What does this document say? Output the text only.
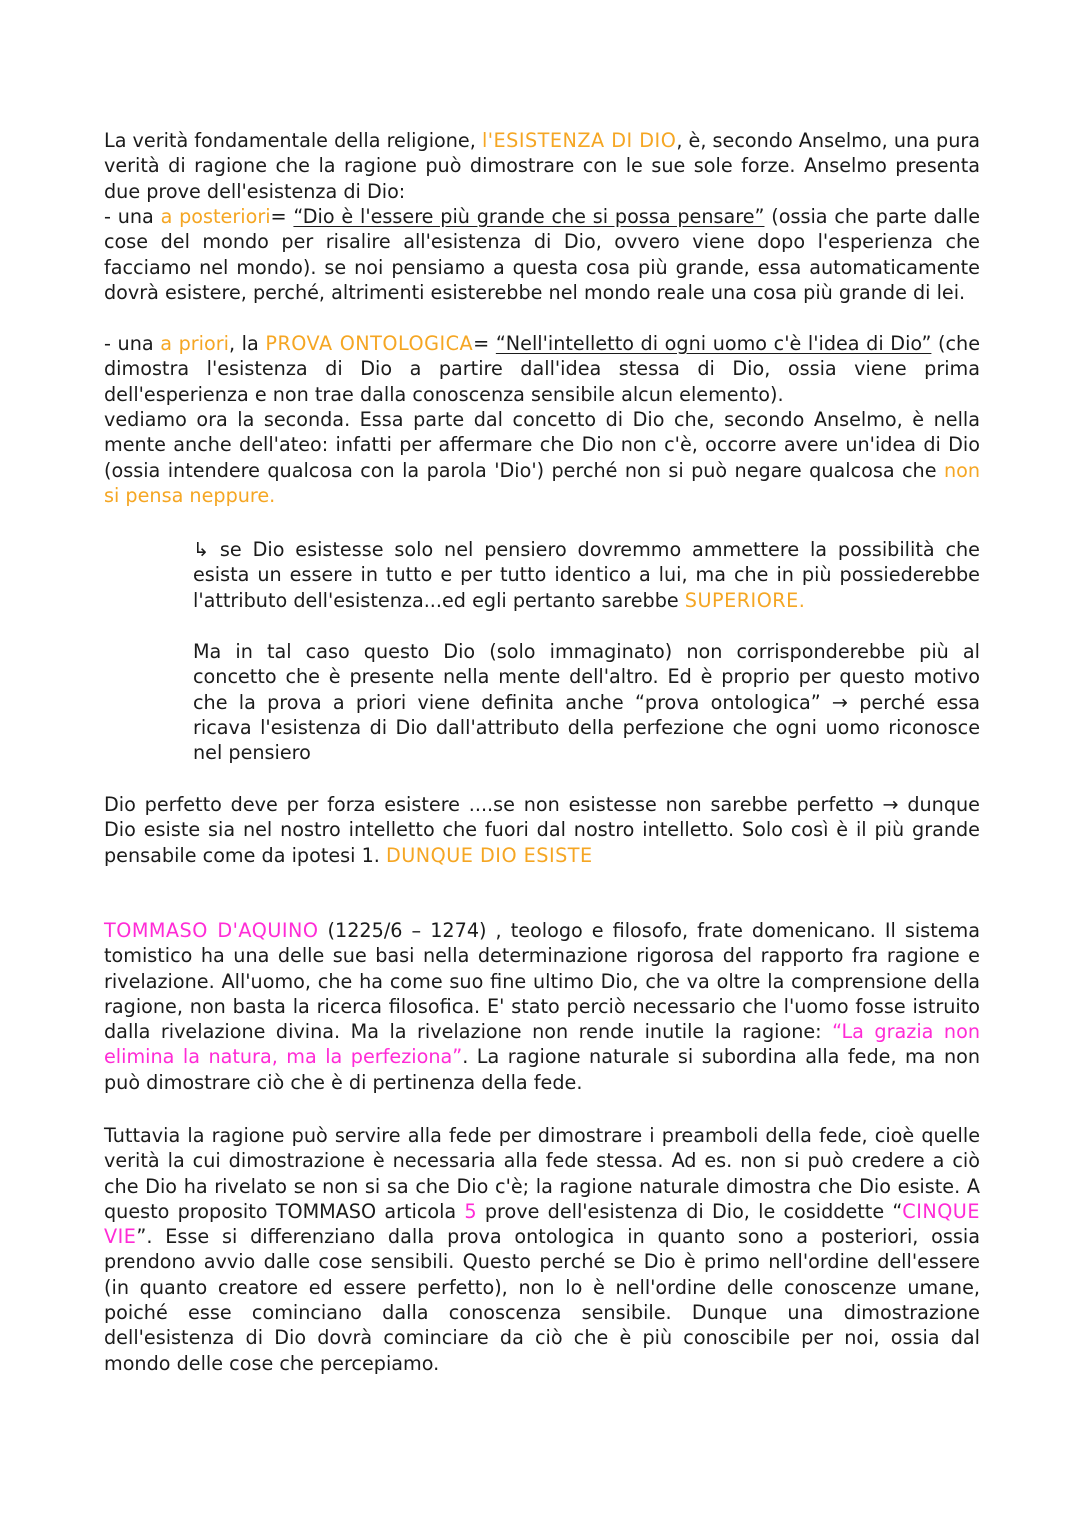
La verità fondamentale della religione, l'ESISTENZA DI DIO, è, secondo Anselmo, una pura verità di ragione che la ragione può dimostrare con le sue sole forze. Anselmo presenta due prove dell'esistenza di Dio:

- una a posteriori= “Dio è l'essere più grande che si possa pensare” (ossia che parte dalle cose del mondo per risalire all'esistenza di Dio, ovvero viene dopo l'esperienza che facciamo nel mondo). se noi pensiamo a questa cosa più grande, essa automaticamente dovrà esistere, perché, altrimenti esisterebbe nel mondo reale una cosa più grande di lei.

- una a priori, la PROVA ONTOLOGICA= “Nell'intelletto di ogni uomo c'è l'idea di Dio” (che dimostra l'esistenza di Dio a partire dall'idea stessa di Dio, ossia viene prima dell'esperienza e non trae dalla conoscenza sensibile alcun elemento).

vediamo ora la seconda. Essa parte dal concetto di Dio che, secondo Anselmo, è nella mente anche dell'ateo: infatti per affermare che Dio non c'è, occorre avere un'idea di Dio (ossia intendere qualcosa con la parola 'Dio') perché non si può negare qualcosa che non si pensa neppure.

↳ se Dio esistesse solo nel pensiero dovremmo ammettere la possibilità che esista un essere in tutto e per tutto identico a lui, ma che in più possiederebbe l'attributo dell'esistenza...ed egli pertanto sarebbe SUPERIORE.

Ma in tal caso questo Dio (solo immaginato) non corrisponderebbe più al concetto che è presente nella mente dell'altro. Ed è proprio per questo motivo che la prova a priori viene definita anche “prova ontologica” → perché essa ricava l'esistenza di Dio dall'attributo della perfezione che ogni uomo riconosce nel pensiero

Dio perfetto deve per forza esistere ....se non esistesse non sarebbe perfetto → dunque Dio esiste sia nel nostro intelletto che fuori dal nostro intelletto. Solo così è il più grande pensabile come da ipotesi 1. DUNQUE DIO ESISTE

TOMMASO D'AQUINO (1225/6 – 1274) , teologo e filosofo, frate domenicano. Il sistema tomistico ha una delle sue basi nella determinazione rigorosa del rapporto fra ragione e rivelazione. All'uomo, che ha come suo fine ultimo Dio, che va oltre la comprensione della ragione, non basta la ricerca filosofica. E' stato perciò necessario che l'uomo fosse istruito dalla rivelazione divina. Ma la rivelazione non rende inutile la ragione: “La grazia non elimina la natura, ma la perfeziona”. La ragione naturale si subordina alla fede, ma non può dimostrare ciò che è di pertinenza della fede.

Tuttavia la ragione può servire alla fede per dimostrare i preamboli della fede, cioè quelle verità la cui dimostrazione è necessaria alla fede stessa. Ad es. non si può credere a ciò che Dio ha rivelato se non si sa che Dio c'è; la ragione naturale dimostra che Dio esiste. A questo proposito TOMMASO articola 5 prove dell'esistenza di Dio, le cosiddette “CINQUE VIE”. Esse si differenziano dalla prova ontologica in quanto sono a posteriori, ossia prendono avvio dalle cose sensibili. Questo perché se Dio è primo nell'ordine dell'essere (in quanto creatore ed essere perfetto), non lo è nell'ordine delle conoscenze umane, poiché esse cominciano dalla conoscenza sensibile. Dunque una dimostrazione dell'esistenza di Dio dovrà cominciare da ciò che è più conoscibile per noi, ossia dal mondo delle cose che percepiamo.
